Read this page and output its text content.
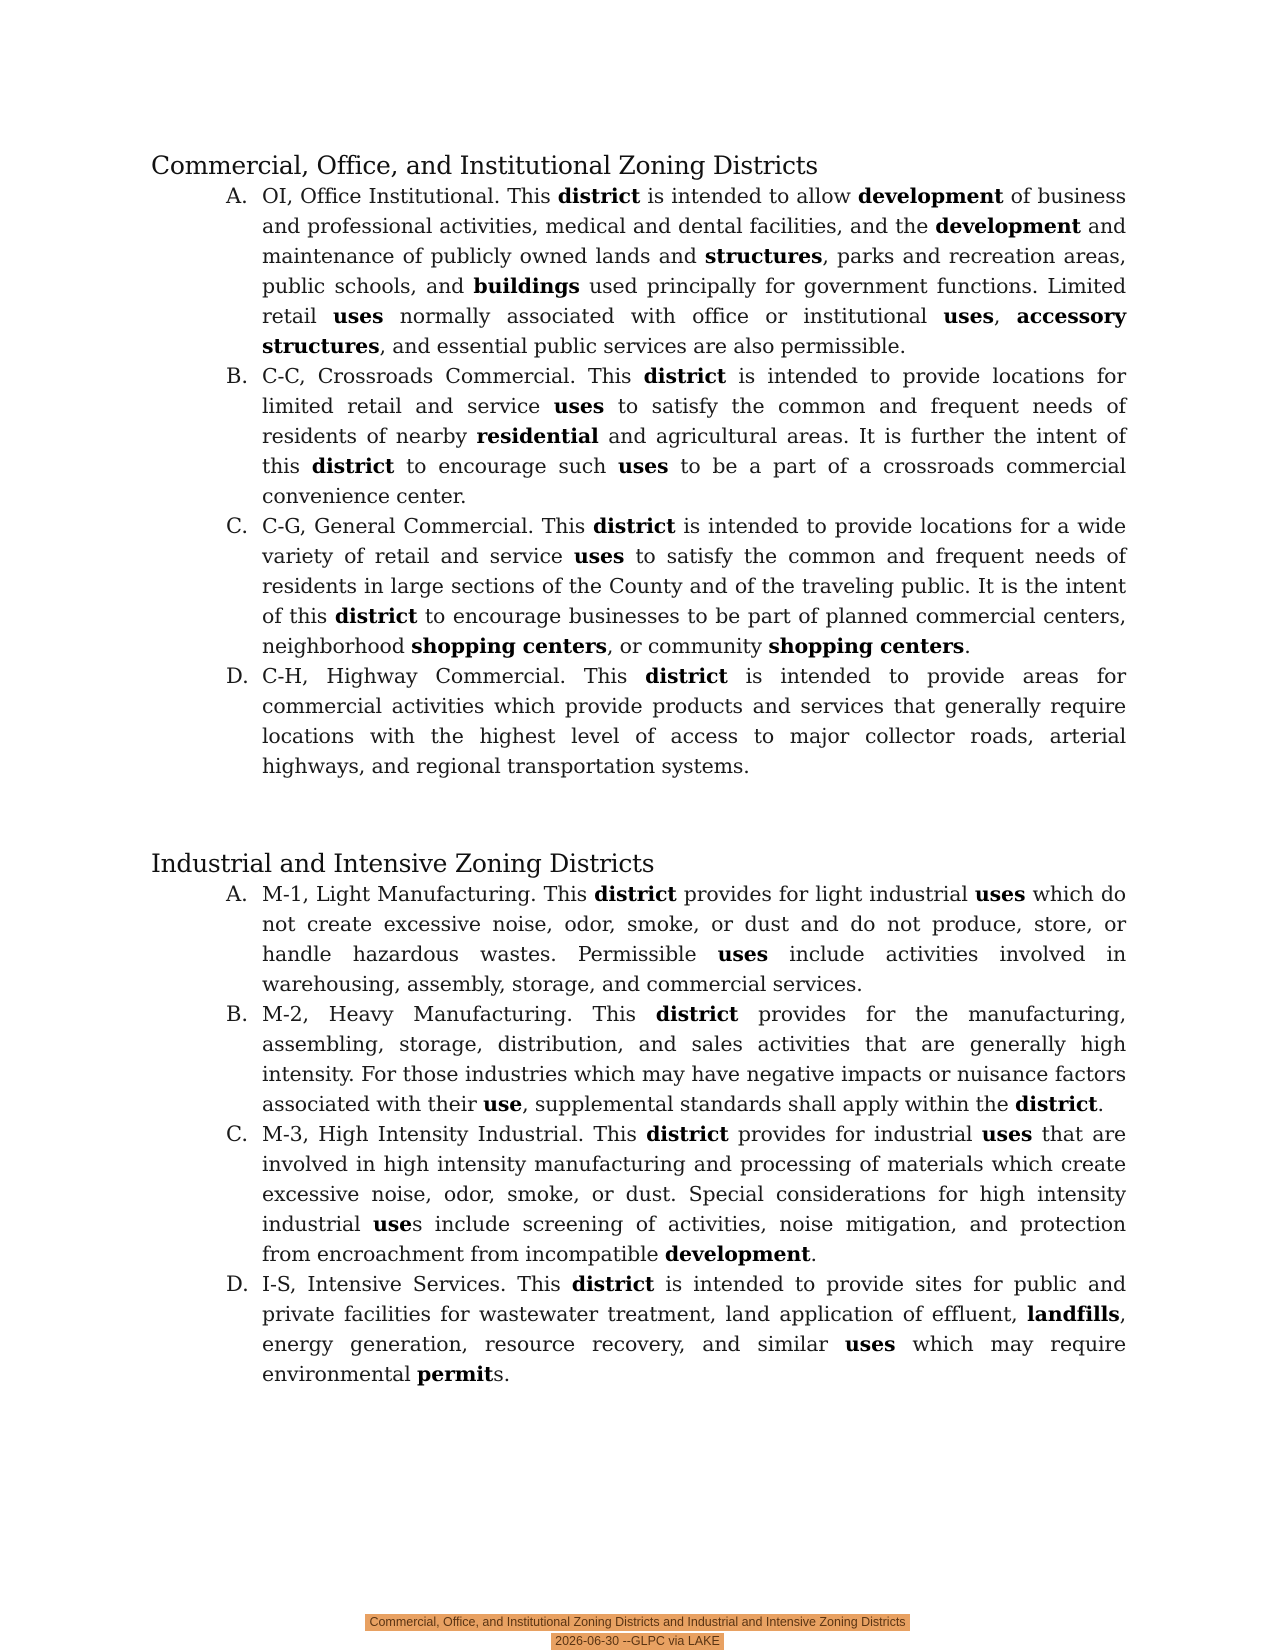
Commercial, Office, and Institutional Zoning Districts
A. OI, Office Institutional. This district is intended to allow development of business and professional activities, medical and dental facilities, and the development and maintenance of publicly owned lands and structures, parks and recreation areas, public schools, and buildings used principally for government functions. Limited retail uses normally associated with office or institutional uses, accessory structures, and essential public services are also permissible.

B. C-C, Crossroads Commercial. This district is intended to provide locations for limited retail and service uses to satisfy the common and frequent needs of residents of nearby residential and agricultural areas. It is further the intent of this district to encourage such uses to be a part of a crossroads commercial convenience center.

C. C-G, General Commercial. This district is intended to provide locations for a wide variety of retail and service uses to satisfy the common and frequent needs of residents in large sections of the County and of the traveling public. It is the intent of this district to encourage businesses to be part of planned commercial centers, neighborhood shopping centers, or community shopping centers.

D. C-H, Highway Commercial. This district is intended to provide areas for commercial activities which provide products and services that generally require locations with the highest level of access to major collector roads, arterial highways, and regional transportation systems.

Industrial and Intensive Zoning Districts
A. M-1, Light Manufacturing. This district provides for light industrial uses which do not create excessive noise, odor, smoke, or dust and do not produce, store, or handle hazardous wastes. Permissible uses include activities involved in warehousing, assembly, storage, and commercial services.

B. M-2, Heavy Manufacturing. This district provides for the manufacturing, assembling, storage, distribution, and sales activities that are generally high intensity. For those industries which may have negative impacts or nuisance factors associated with their use, supplemental standards shall apply within the district.

C. M-3, High Intensity Industrial. This district provides for industrial uses that are involved in high intensity manufacturing and processing of materials which create excessive noise, odor, smoke, or dust. Special considerations for high intensity industrial uses include screening of activities, noise mitigation, and protection from encroachment from incompatible development.

D. I-S, Intensive Services. This district is intended to provide sites for public and private facilities for wastewater treatment, land application of effluent, landfills, energy generation, resource recovery, and similar uses which may require environmental permits.

Commercial, Office, and Institutional Zoning Districts and Industrial and Intensive Zoning Districts
2026-06-30 --GLPC via LAKE
